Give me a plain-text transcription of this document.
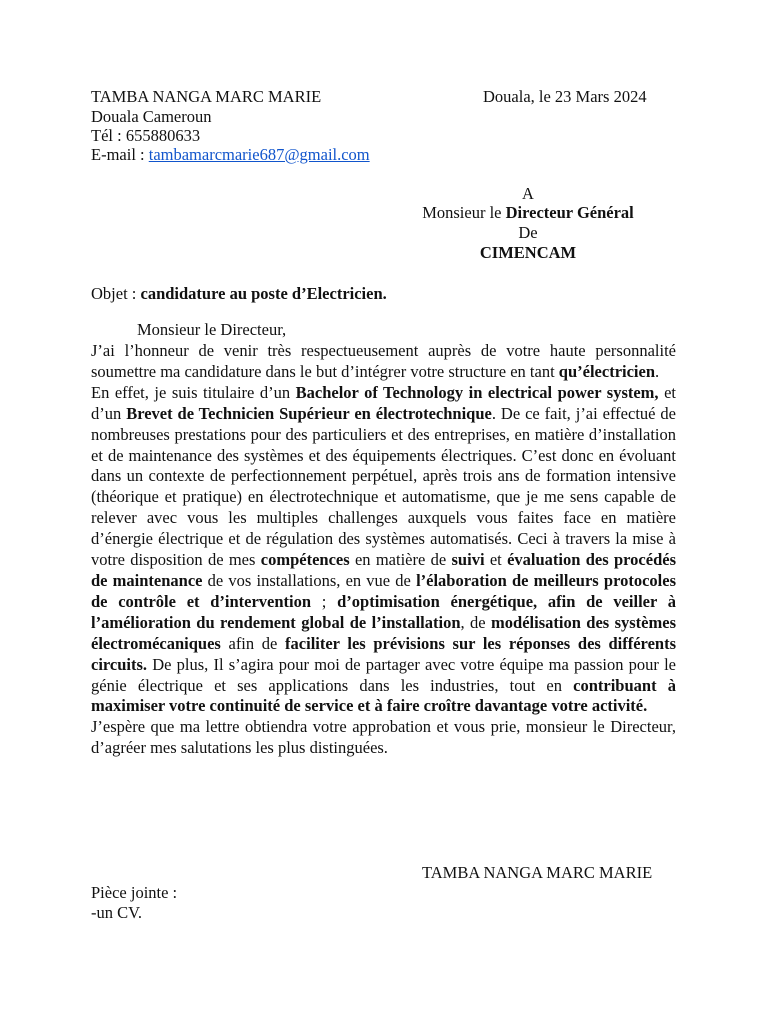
TAMBA NANGA MARC MARIE	Douala, le 23 Mars 2024
Douala Cameroun
Tél : 655880633
E-mail : tambamarcmarie687@gmail.com
A
Monsieur le Directeur Général
De
CIMENCAM
Objet : candidature au poste d’Electricien.
Monsieur le Directeur,

J’ai l’honneur de venir très respectueusement auprès de votre haute personnalité soumettre ma candidature dans le but d’intégrer votre structure en tant qu’électricien.

En effet, je suis titulaire d’un Bachelor of Technology in electrical power system, et d’un Brevet de Technicien Supérieur en électrotechnique. De ce fait, j’ai effectué de nombreuses prestations pour des particuliers et des entreprises, en matière d’installation et de maintenance des systèmes et des équipements électriques. C’est donc en évoluant dans un contexte de perfectionnement perpétuel, après trois ans de formation intensive (théorique et pratique) en électrotechnique et automatisme, que je me sens capable de relever avec vous les multiples challenges auxquels vous faites face en matière d’énergie électrique et de régulation des systèmes automatisés. Ceci à travers la mise à votre disposition de mes compétences en matière de suivi et évaluation des procédés de maintenance de vos installations, en vue de l’élaboration de meilleurs protocoles de contrôle et d’intervention ; d’optimisation énergétique, afin de veiller à l’amélioration du rendement global de l’installation, de modélisation des systèmes électromécaniques afin de faciliter les prévisions sur les réponses des différents circuits. De plus, Il s’agira pour moi de partager avec votre équipe ma passion pour le génie électrique et ses applications dans les industries, tout en contribuant à maximiser votre continuité de service et à faire croître davantage votre activité.

J’espère que ma lettre obtiendra votre approbation et vous prie, monsieur le Directeur, d’agréer mes salutations les plus distinguées.

TAMBA NANGA MARC MARIE
Pièce jointe :
-un CV.
